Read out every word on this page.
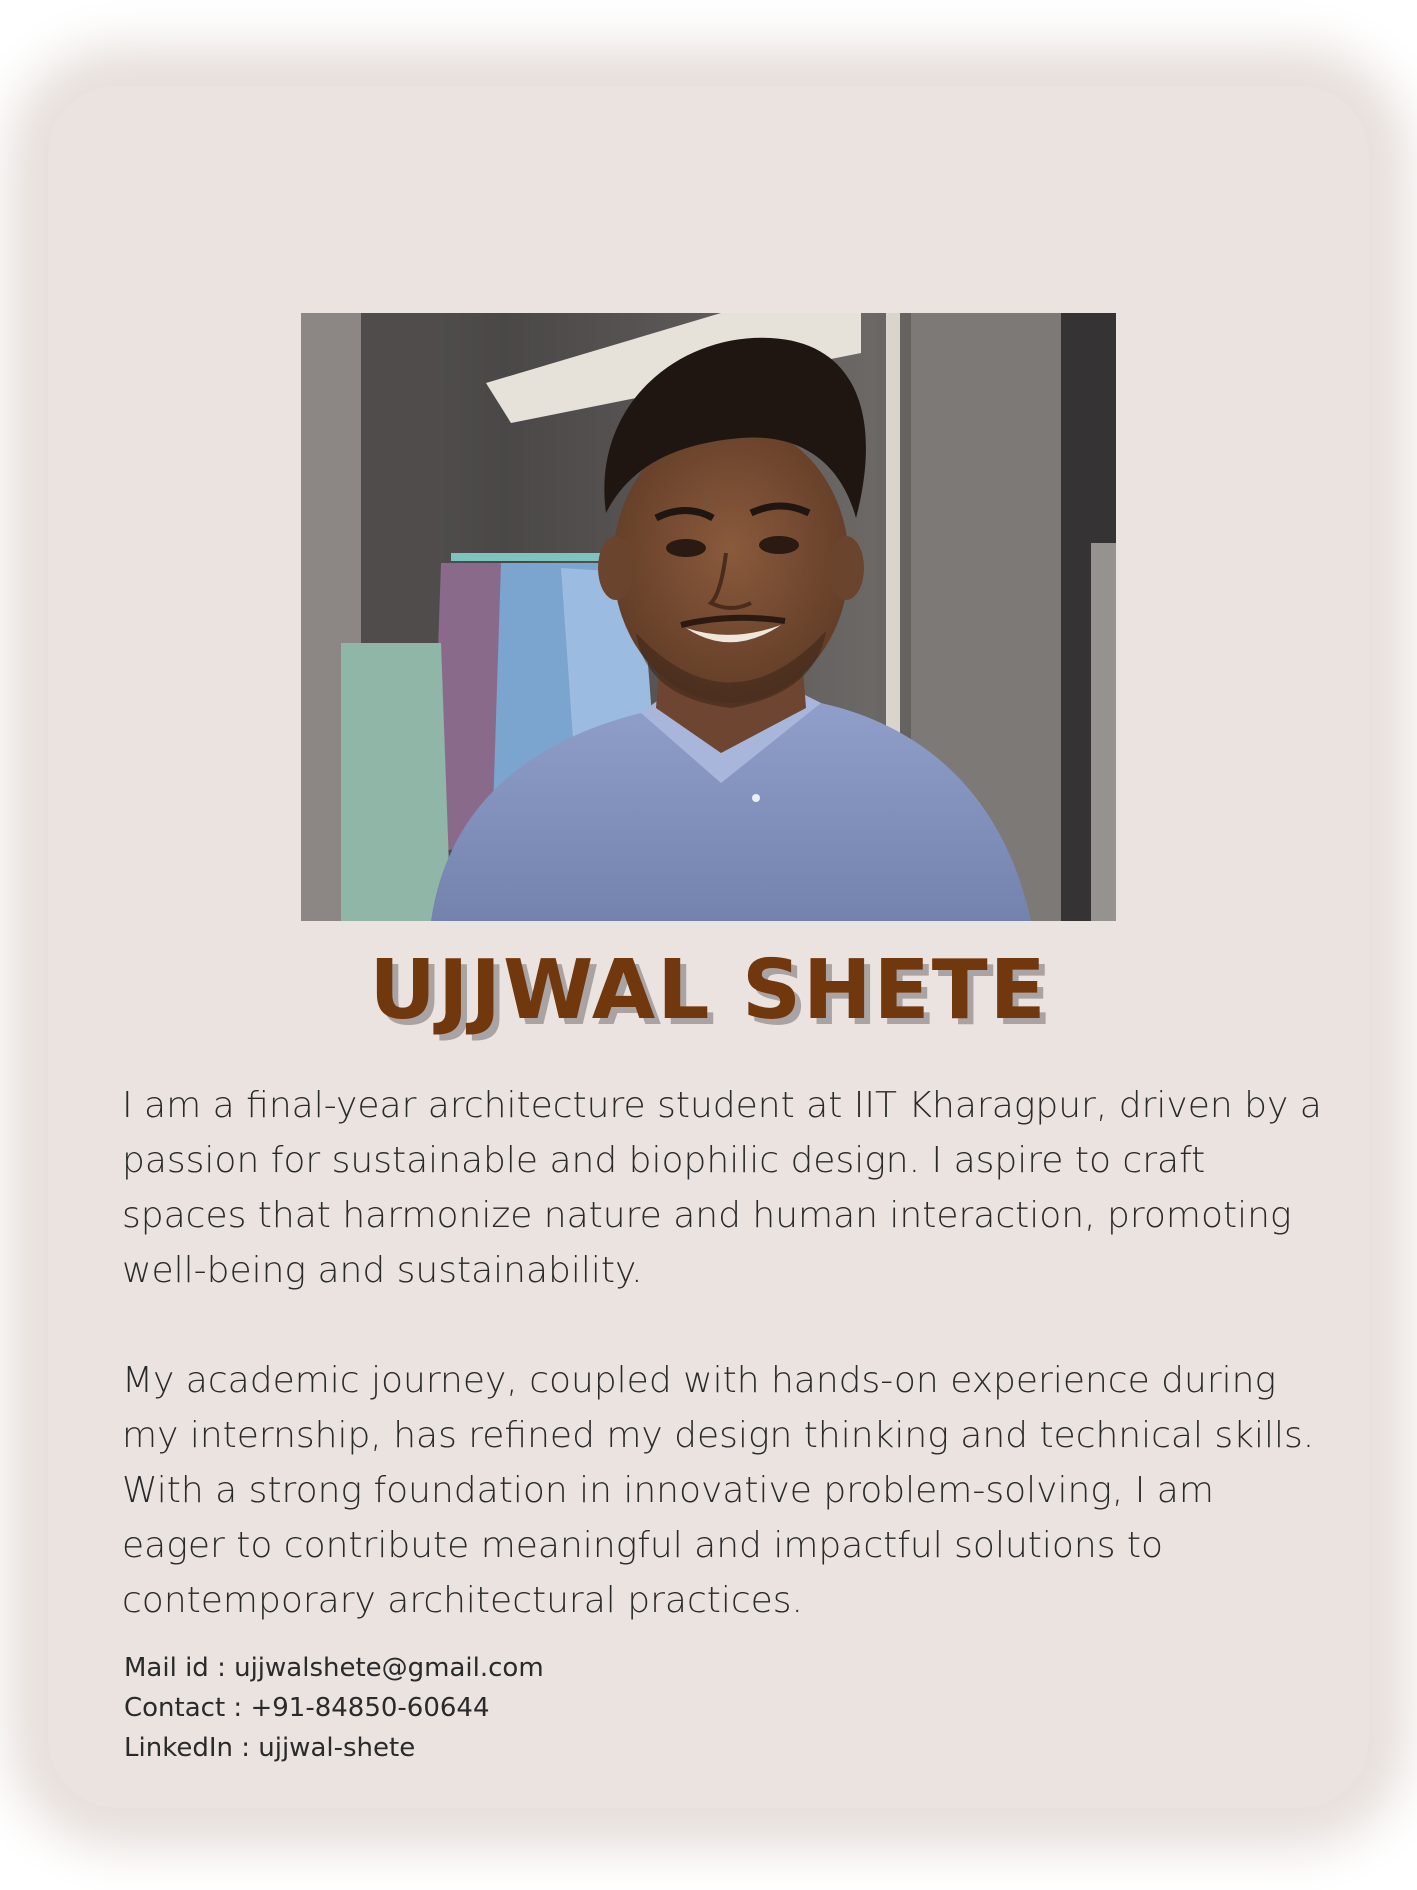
UJJWAL SHETE

I am a final-year architecture student at IIT Kharagpur, driven by a passion for sustainable and biophilic design. I aspire to craft spaces that harmonize nature and human interaction, promoting well-being and sustainability.

My academic journey, coupled with hands-on experience during my internship, has refined my design thinking and technical skills. With a strong foundation in innovative problem-solving, I am eager to contribute meaningful and impactful solutions to contemporary architectural practices.

Mail id : ujjwalshete@gmail.com
Contact : +91-84850-60644
LinkedIn : ujjwal-shete
